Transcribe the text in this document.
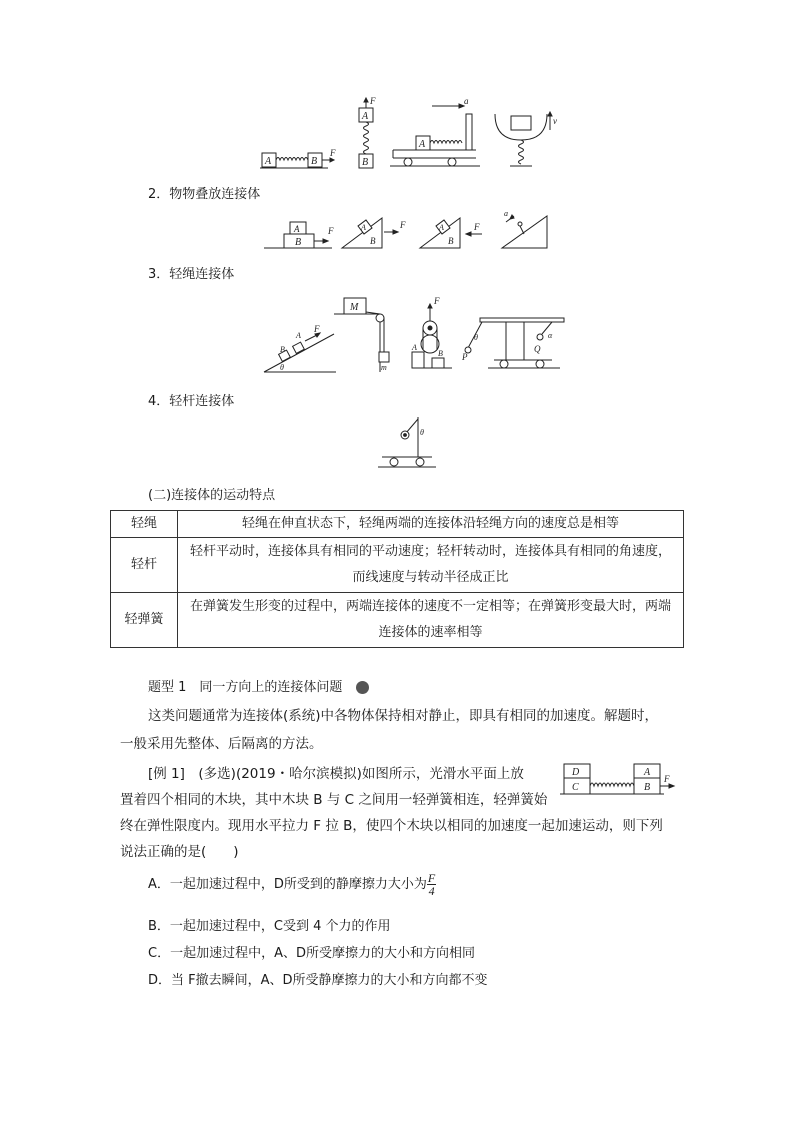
A	B
F
A
F
B
A
a
v
2．物物叠放连接体
A
B
F	A
B
F	A
B
F
a
3．轻绳连接体
B
A
F
θ
M
m
F
A
B
θ
P
α
Q
4．轻杆连接体
θ
(二)连接体的运动特点
轻绳	轻绳在伸直状态下，轻绳两端的连接体沿轻绳方向的速度总是相等
轻杆	轻杆平动时，连接体具有相同的平动速度；轻杆转动时，连接体具有相同的角速度，而线速度与转动半径成正比
轻弹簧	在弹簧发生形变的过程中，两端连接体的速度不一定相等；在弹簧形变最大时，两端连接体的速率相等
题型 1　同一方向上的连接体问题
这类问题通常为连接体(系统)中各物体保持相对静止，即具有相同的加速度。解题时，
一般采用先整体、后隔离的方法。
[例 1]　(多选)(2019・哈尔滨模拟)如图所示，光滑水平面上放
置着四个相同的木块，其中木块 B 与 C 之间用一轻弹簧相连，轻弹簧始
终在弹性限度内。现用水平拉力 F 拉 B，使四个木块以相同的加速度一起加速运动，则下列
说法正确的是(　　)
D
C
A
B
F
A．一起加速过程中，D所受到的静摩擦力大小为 $\frac{F}{4}$
B．一起加速过程中，C受到 4 个力的作用
C．一起加速过程中，A、D所受摩擦力的大小和方向相同
D．当 F撤去瞬间，A、D所受静摩擦力的大小和方向都不变
